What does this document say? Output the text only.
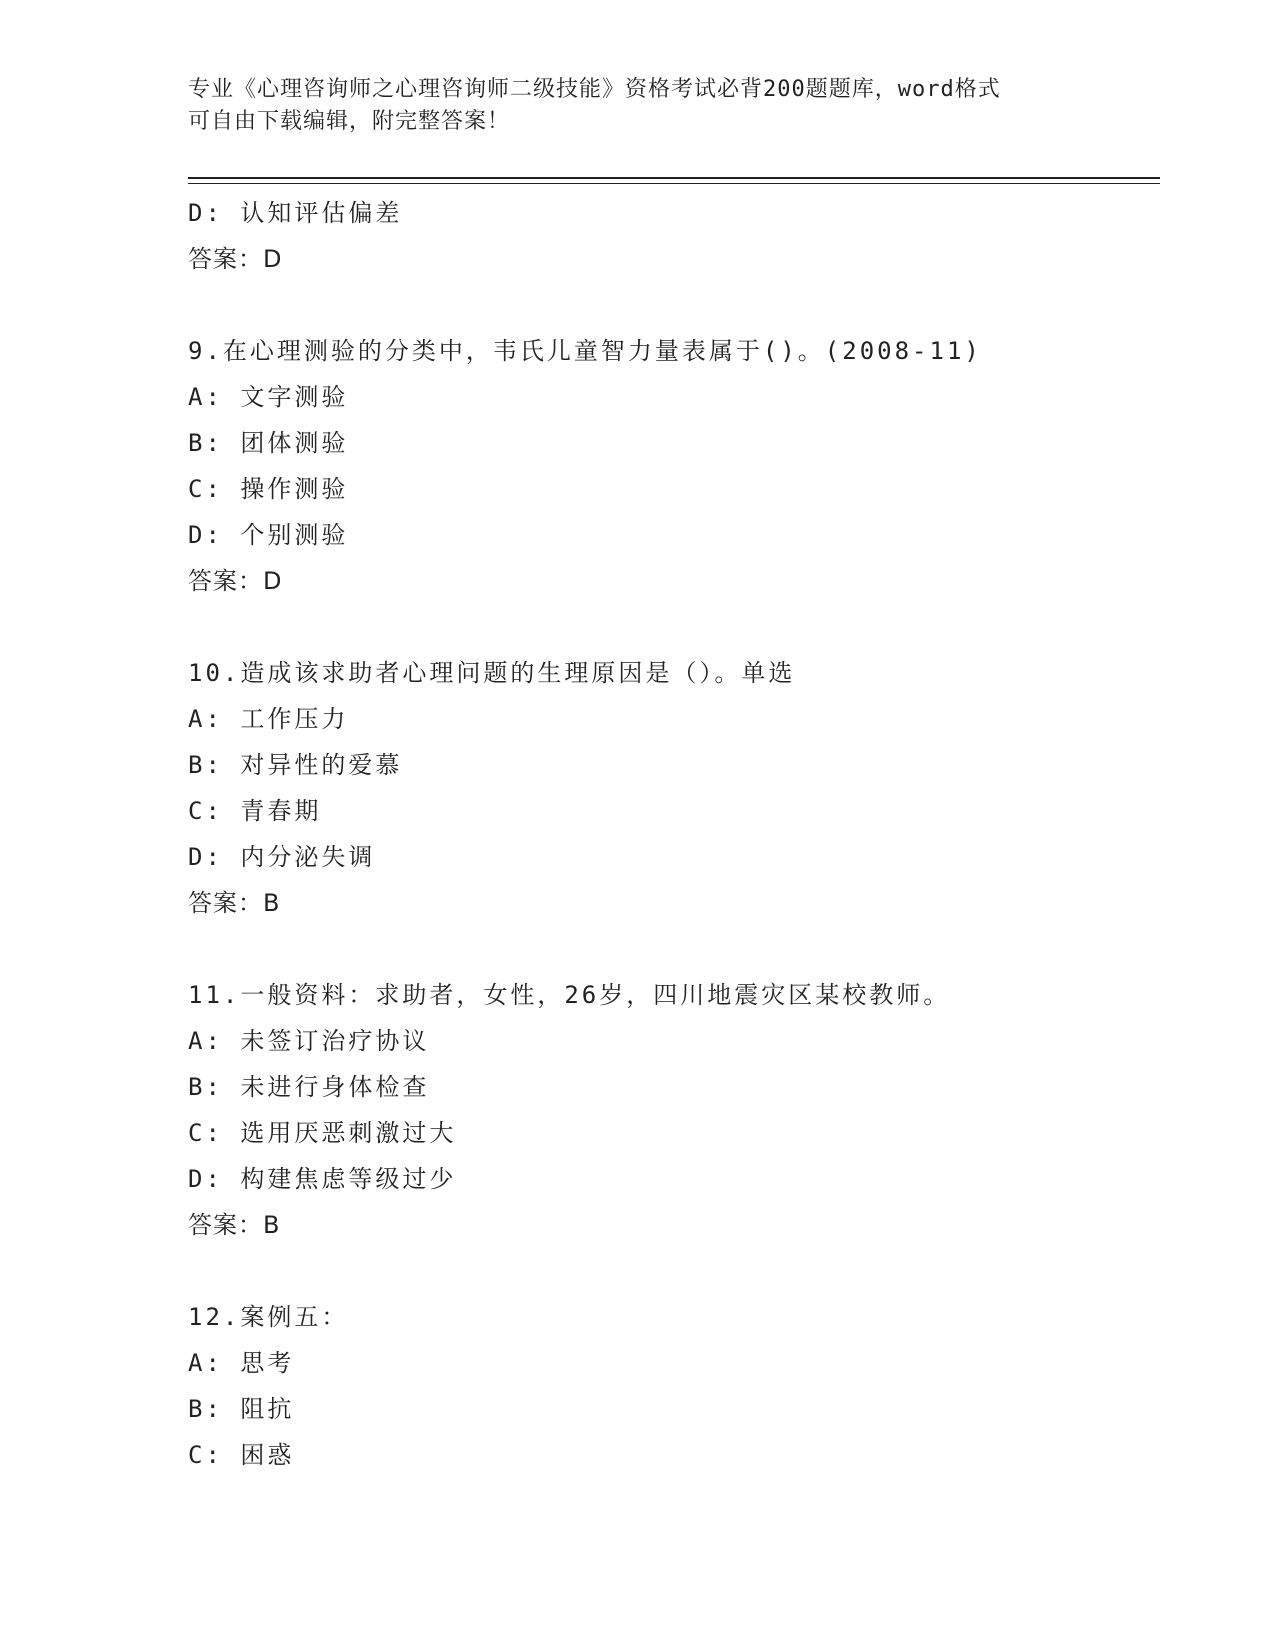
专业《心理咨询师之心理咨询师二级技能》资格考试必背200题题库，word格式
可自由下载编辑，附完整答案！
D: 认知评估偏差
答案：D
9.在心理测验的分类中，韦氏儿童智力量表属于()。(2008-11)
A: 文字测验
B: 团体测验
C: 操作测验
D: 个别测验
答案：D
10.造成该求助者心理问题的生理原因是（）。单选
A: 工作压力
B: 对异性的爱慕
C: 青春期
D: 内分泌失调
答案：B
11.一般资料：求助者，女性，26岁，四川地震灾区某校教师。
A: 未签订治疗协议
B: 未进行身体检查
C: 选用厌恶刺激过大
D: 构建焦虑等级过少
答案：B
12.案例五：
A: 思考
B: 阻抗
C: 困惑
